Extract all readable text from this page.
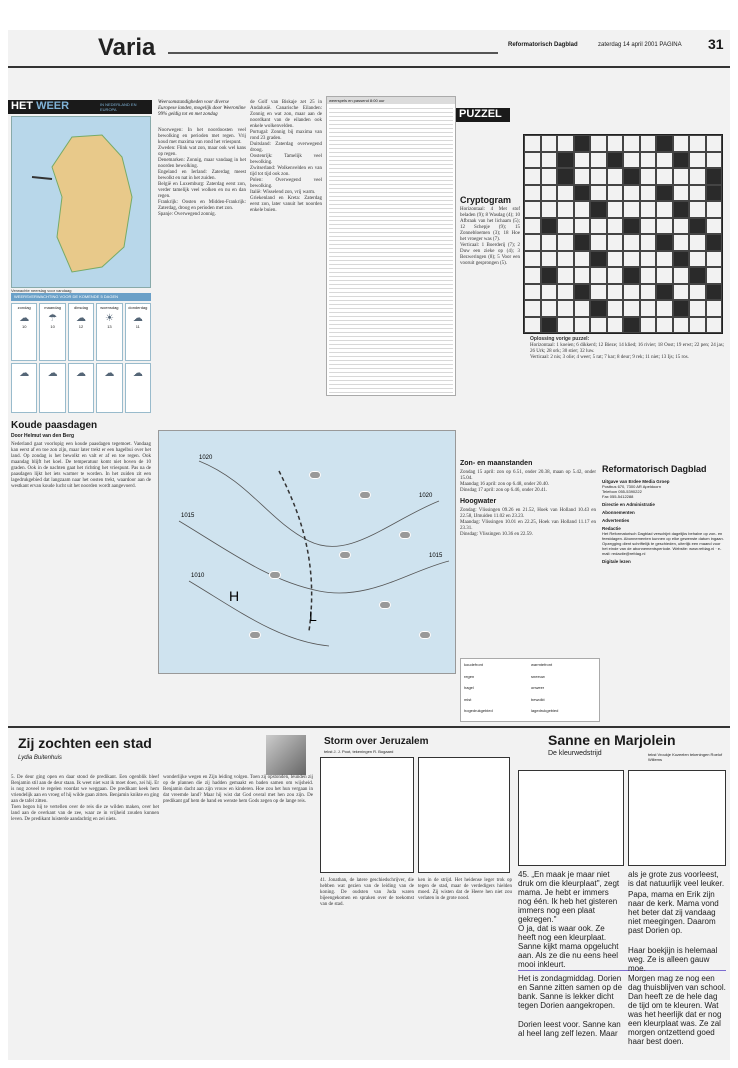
Varia	Reformatorisch Dagblad	zaterdag 14 april 2001 PAGINA 31
HET WEER	IN NEDERLAND EN EUROPA
Verwachte neerslag voor vandaag
WEERSVERWACHTING VOOR DE KOMENDE 5 DAGEN
zondag
☁
10
maandag
☂
10
dinsdag
☁
12
woensdag
☀
13
donderdag
☁
11
☁	☁	☁	☁	☁
Koude paasdagen
Door Helmut van den Berg
Nederland gaat voorlopig een koude paasdagen tegemoet. Vandaag kan eerst af en toe zon zijn, maar later trekt er een hagelbui over het land. Op zondag is het bewolkt en valt er af en toe regen. Ook maandag blijft het koel. De temperatuur komt niet boven de 10 graden. Ook in de nachten gaat het richting het vriespunt. Pas na de paasdagen lijkt het iets warmer te worden. In het zuiden zit een lagedrukgebied dat langzaam naar het oosten trekt, waardoor aan de westkant ervan koude lucht uit het noorden wordt aangevoerd.
Weersomstandigheden voor diverse Europese landen, mogelijk door Weeronline 99% geldig tot en met zondag
Noorwegen: In het noordoosten veel bewolking en perioden met regen. Vrij koud met maxima van rond het vriespunt.
Zweden: Flink wat zon, maar ook wel kans op regen.
Denemarken: Zonnig, maar vandaag in het noorden bewolking.
Engeland en Ierland: Zaterdag meest bewolkt en nat in het zuiden.
België en Luxemburg: Zaterdag eerst zon, verder tamelijk veel wolken en nu en dan regen.
Frankrijk: Oosten en Midden-Frankrijk: Zaterdag, droog en perioden met zon.
Spanje: Overwegend zonnig.
de Golf van Biskaje zet 25 in Andalusië. Canarische Eilanden: Zonnig en wat zon, maar aan de noordkant van de eilanden ook enkele wolkenvelden.
Portugal: Zonnig bij maxima van rond 23 graden.
Duitsland: Zaterdag overwegend droog.
Oostenrijk: Tamelijk veel bewolking.
Zwitserland: Wolkenvelden en van tijd tot tijd ook zon.
Polen: Overwegend veel bewolking.
Italië: Wisselend zon, vrij warm.
Griekenland en Kreta: Zaterdag eerst zon, later vanuit het noorden enkele buien.
weerspels en passend 8:00 uur
1020
1020
1015
1015
1010
H
L
PUZZEL
Cryptogram
Horizontaal: 4 Met stof beladen (9); 8 Wasdag (4); 10 Afbraak van het lichaam (5); 12 Schepje (9); 15 Zonnebloemen (3); 18 Hoe het vroeger was (7).
Verticaal: 1 Boerderij (7); 2 Duw een zieke op (4); 3 Bezweringen (8); 5 Voor een vooruit gesprongen (5).
Oplossing vorige puzzel:
Horizontaal: 1 koeien; 6 dikkerd; 12 Bieze; 14 klied; 16 rivier; 18 Oost; 19 erwt; 22 pen; 24 jas; 26 Urk; 28 ork; 30 stier; 32 luw.
Verticaal: 2 nis; 3 olie; 4 weer; 5 rat; 7 kar; 8 deur; 9 rek; 11 niet; 13 Ijs; 15 ros.
Zon- en maanstanden
Zondag 15 april: zon op 6.51, onder 20.38, maan op 5.42, onder 15.04.
Maandag 16 april: zon op 6.48, onder 20.40.
Dinsdag 17 april: zon op 6.46, onder 20.41.
Hoogwater
Zondag: Vlissingen 09.26 en 21.52, Hoek van Holland 10.43 en 22.58, IJmuiden 11.02 en 23.23.
Maandag: Vlissingen 10.01 en 22.25, Hoek van Holland 11.17 en 23.31.
Dinsdag: Vlissingen 10.36 en 22.59.
koudefront	warmtefront
regen	sneeuw
hagel	onweer
mist	bewolkt
hogedrukgebied	lagedrukgebied
Reformatorisch Dagblad
Uitgave van Erdee Media Groep
Postbus 670, 7300 AR Apeldoorn
Telefoon 055-5390222
Fax 055-5412288
Directie en Administratie
Abonnementen
Advertenties
Redactie
Het Reformatorisch Dagblad verschijnt dagelijks behalve op zon- en feestdagen. Abonnementen kunnen op elke gewenste datum ingaan. Opzegging dient schriftelijk te geschieden, uiterlijk een maand voor het einde van de abonnementsperiode. Website: www.refdag.nl · e-mail: redactie@refdag.nl
Digitale lezen
Zij zochten een stad
Lydia Buitenhuis
5. De deur ging open en daar stond de predikant. Een ogenblik bleef Benjamin stil aan de deur staan. Ik weet niet wat ik moet doen, zei hij. Er is nog zoveel te regelen voordat we weggaan. De predikant keek hem vriendelijk aan en vroeg of hij wilde gaan zitten. Benjamin knikte en ging aan de tafel zitten.
Toen begon hij te vertellen over de reis die ze wilden maken, over het land aan de overkant van de zee, waar ze in vrijheid zouden kunnen leven. De predikant luisterde aandachtig en zei niets.
wonderlijke wegen en Zijn leiding volgen. Toen zij opstonden, leunden zij op de plannen die zij hadden gemaakt en baden samen om wijsheid. Benjamin dacht aan zijn vrouw en kinderen. Hoe zou het hun vergaan in dat vreemde land? Maar hij wist dat God overal met hen zou zijn. De predikant gaf hem de hand en wenste hem Gods zegen op de lange reis.
Storm over Jeruzalem
tekst J. J. Poot, tekeningen R. Bogaard
41. Jonathan, de latere geschiedschrijver, die hebben wat gezien van de leiding van de koning. De oudsten van Juda waren bijeengekomen en spraken over de toekomst van de stad.
ken in de strijd. Het heidense leger trok op tegen de stad, maar de verdedigers hielden moed. Zij wisten dat de Heere hen niet zou verlaten in de grote nood.
Sanne en Marjolein
De kleurwedstrijd	tekst Vroukje Kozeelen tekeningen Roelof Willems
45. „En maak je maar niet druk om die kleurplaat", zegt mama. Je hebt er immers nog één. Ik heb het gisteren immers nog een plaat gekregen."
O ja, dat is waar ook. Ze heeft nog een kleurplaat. Sanne kijkt mama opgelucht aan. Als ze die nu eens heel mooi inkleurt.
Het is zondagmiddag. Dorien en Sanne zitten samen op de bank. Sanne is lekker dicht tegen Dorien aangekropen.
Dorien leest voor. Sanne kan al heel lang zelf lezen. Maar
als je grote zus voorleest, is dat natuurlijk veel leuker.
Papa, mama en Erik zijn naar de kerk. Mama vond het beter dat zij vandaag niet meegingen. Daarom past Dorien op.
Haar boekjijn is helemaal weg. Ze is alleen gauw moe.
Morgen mag ze nog een dag thuisblijven van school. Dan heeft ze de hele dag de tijd om te kleuren. Wat was het heerlijk dat er nog een kleurplaat was. Ze zal morgen ontzettend goed haar best doen.
